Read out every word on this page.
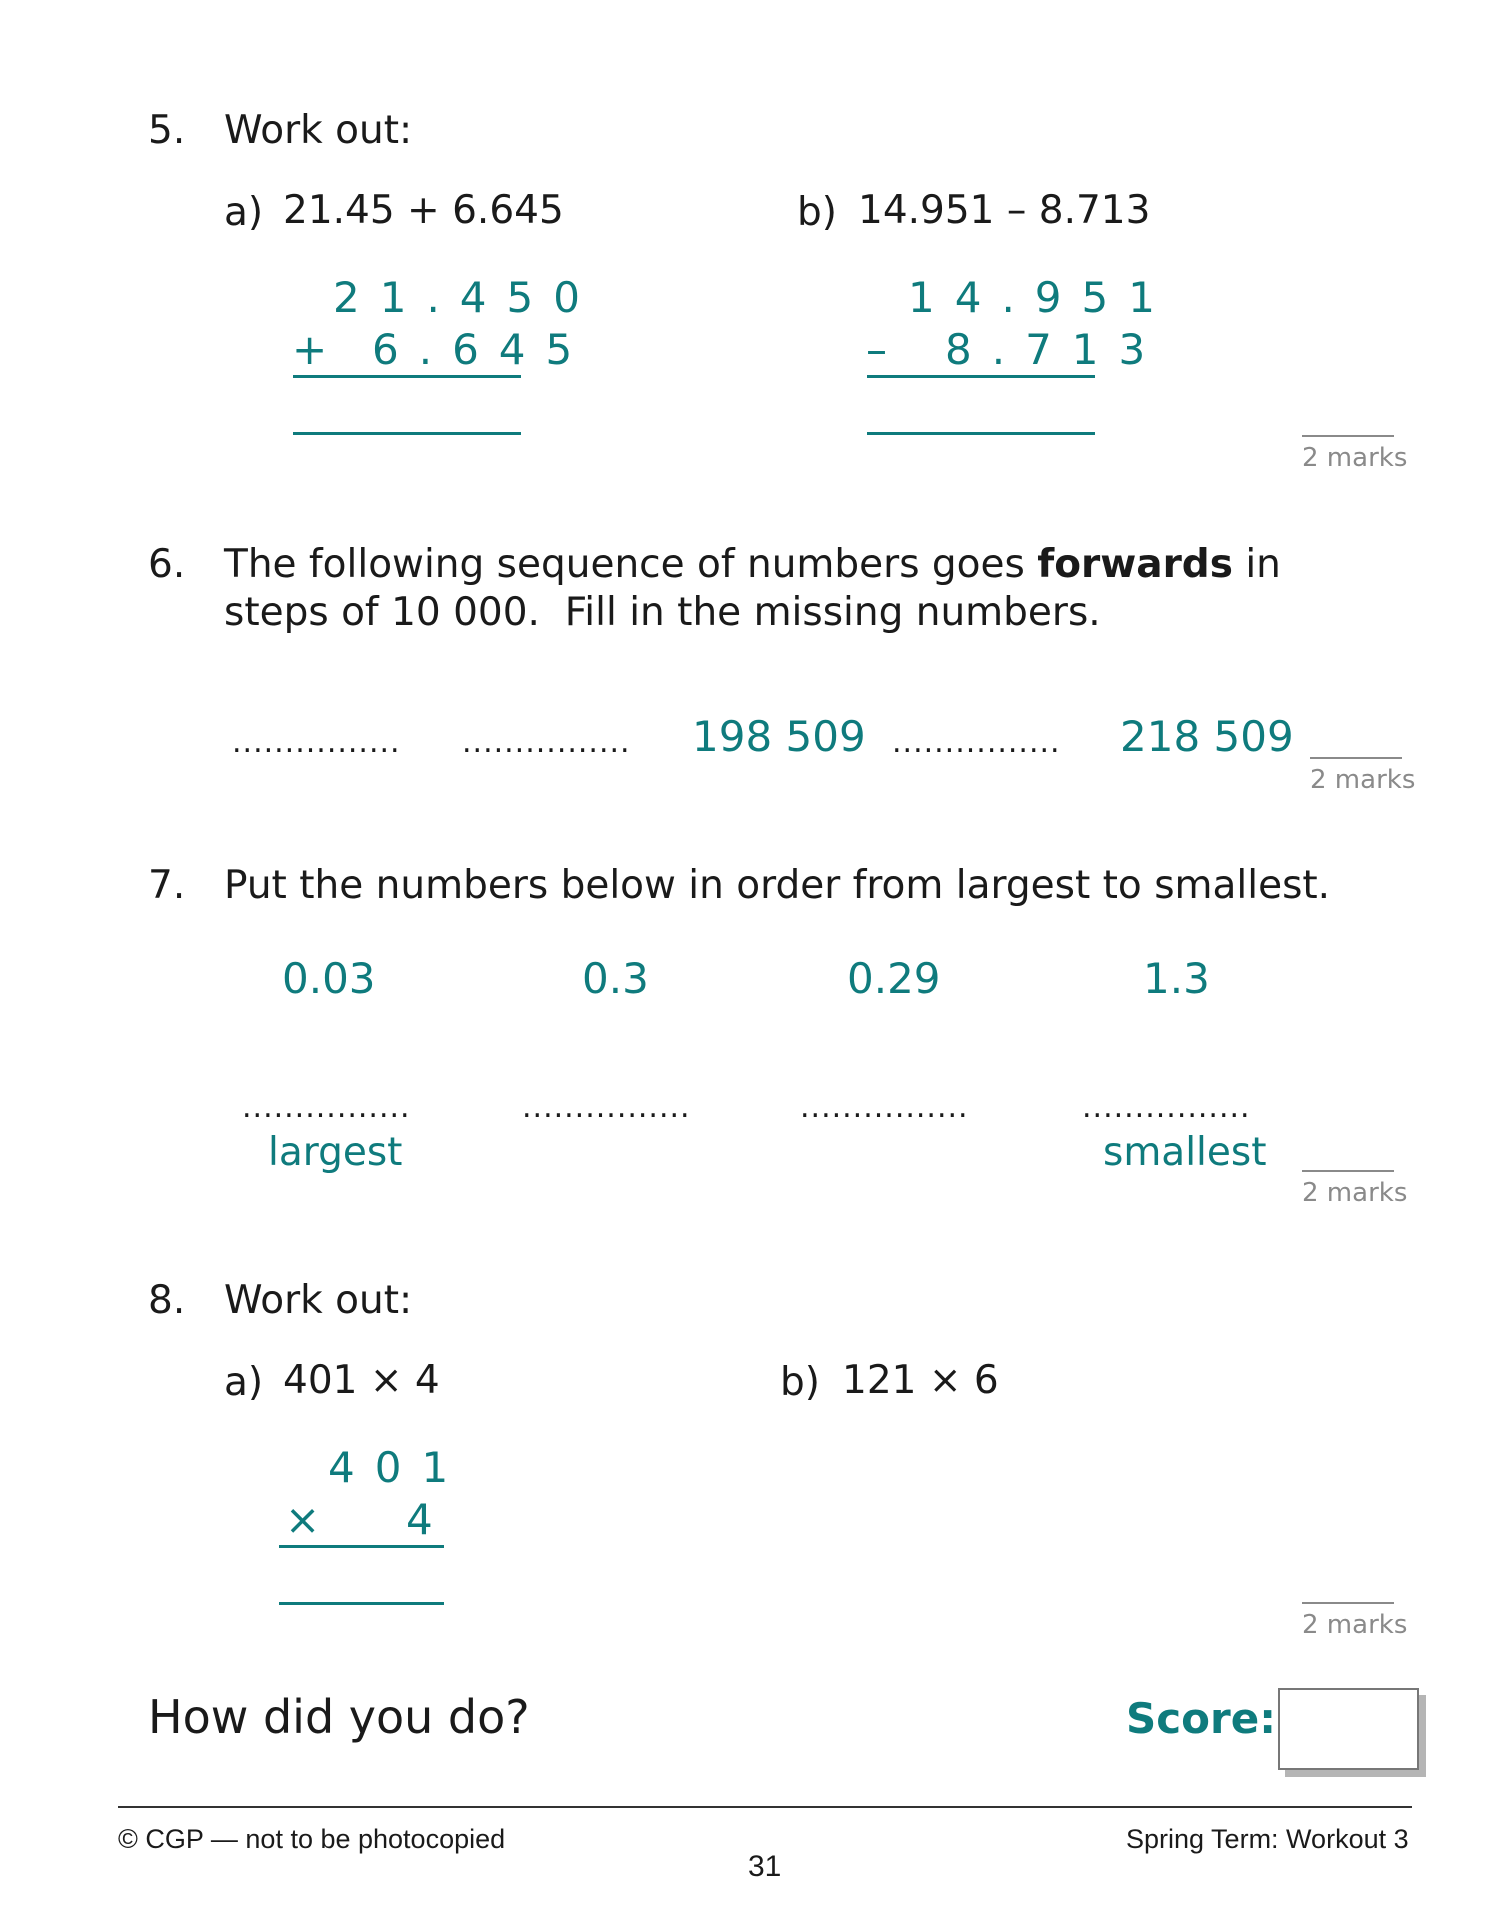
5. Work out:
a) 21.45 + 6.645
21.450
+ 6.645
b) 14.951 – 8.713
14.951
– 8.713
2 marks
6. The following sequence of numbers goes forwards in
steps of 10 000.  Fill in the missing numbers.
................ ................ 198 509 ................ 218 509
2 marks
7. Put the numbers below in order from largest to smallest.
0.03	0.3	0.29	1.3
................	................	................	................
largest	smallest
2 marks
8. Work out:
a) 401 × 4
401
× 4
b) 121 × 6
2 marks
How did you do?	Score:
© CGP — not to be photocopied
31
Spring Term: Workout 3
